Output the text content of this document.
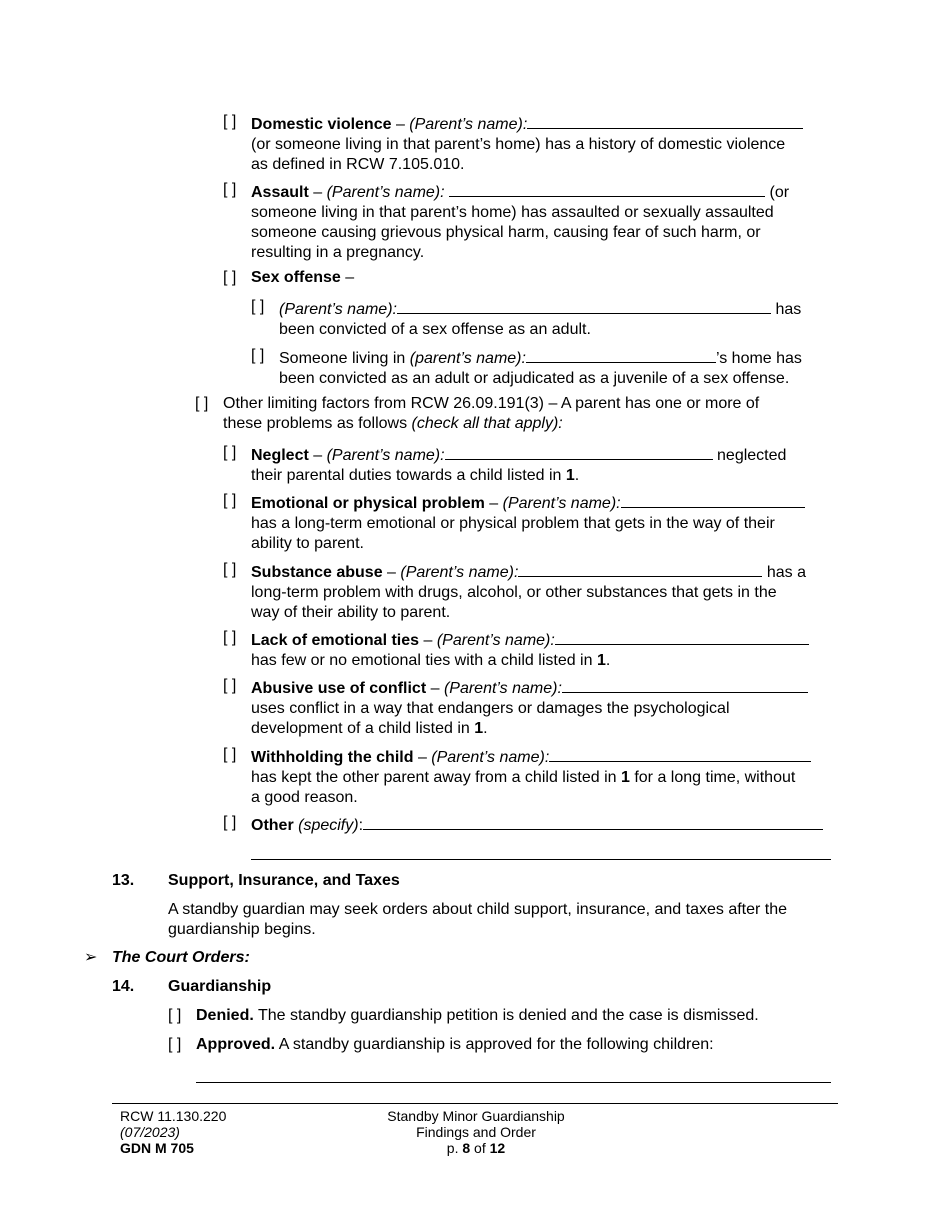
[ ] Domestic violence – (Parent’s name):
(or someone living in that parent’s home) has a history of domestic violence
as defined in RCW 7.105.010.
[ ] Assault – (Parent’s name):	(or
someone living in that parent’s home) has assaulted or sexually assaulted
someone causing grievous physical harm, causing fear of such harm, or
resulting in a pregnancy.
[ ] Sex offense –
[ ] (Parent’s name):	has
been convicted of a sex offense as an adult.
[ ] Someone living in (parent’s name):	’s home has
been convicted as an adult or adjudicated as a juvenile of a sex offense.
[ ] Other limiting factors from RCW 26.09.191(3) – A parent has one or more of
these problems as follows (check all that apply):
[ ] Neglect – (Parent’s name):	neglected
their parental duties towards a child listed in 1.
[ ] Emotional or physical problem – (Parent’s name):
has a long-term emotional or physical problem that gets in the way of their
ability to parent.
[ ] Substance abuse – (Parent’s name):	has a
long-term problem with drugs, alcohol, or other substances that gets in the
way of their ability to parent.
[ ] Lack of emotional ties – (Parent’s name):
has few or no emotional ties with a child listed in 1.
[ ] Abusive use of conflict – (Parent’s name):
uses conflict in a way that endangers or damages the psychological
development of a child listed in 1.
[ ] Withholding the child – (Parent’s name):
has kept the other parent away from a child listed in 1 for a long time, without
a good reason.
[ ] Other (specify):
13. Support, Insurance, and Taxes
A standby guardian may seek orders about child support, insurance, and taxes after the
guardianship begins.
➢ The Court Orders:
14. Guardianship
[ ] Denied. The standby guardianship petition is denied and the case is dismissed.
[ ] Approved. A standby guardianship is approved for the following children:
RCW 11.130.220
(07/2023)
GDN M 705
Standby Minor Guardianship
Findings and Order
p. 8 of 12
